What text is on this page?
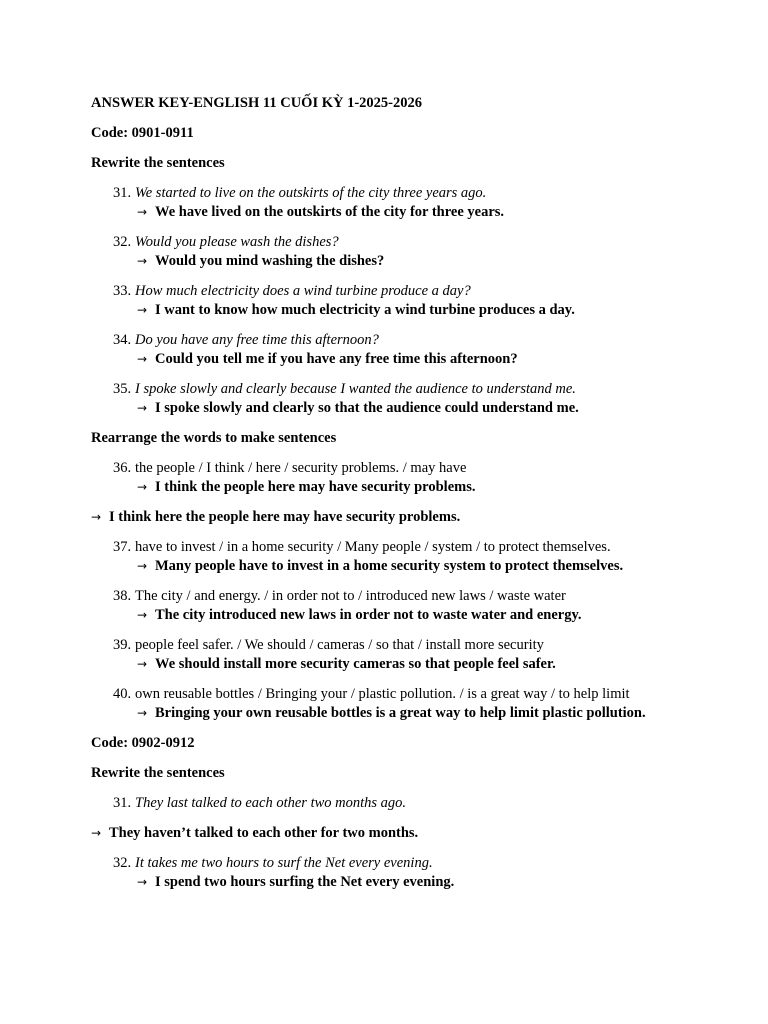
ANSWER KEY-ENGLISH 11 CUỐI KỲ 1-2025-2026
Code: 0901-0911
Rewrite the sentences
31. We started to live on the outskirts of the city three years ago.
→ We have lived on the outskirts of the city for three years.
32. Would you please wash the dishes?
→ Would you mind washing the dishes?
33. How much electricity does a wind turbine produce a day?
→ I want to know how much electricity a wind turbine produces a day.
34. Do you have any free time this afternoon?
→ Could you tell me if you have any free time this afternoon?
35. I spoke slowly and clearly because I wanted the audience to understand me.
→ I spoke slowly and clearly so that the audience could understand me.
Rearrange the words to make sentences
36. the people / I think / here / security problems. / may have
→ I think the people here may have security problems.
→ I think here the people here may have security problems.
37. have to invest / in a home security / Many people / system / to protect themselves.
→ Many people have to invest in a home security system to protect themselves.
38. The city / and energy. / in order not to / introduced new laws / waste water
→ The city introduced new laws in order not to waste water and energy.
39. people feel safer. / We should / cameras / so that / install more security
→ We should install more security cameras so that people feel safer.
40. own reusable bottles / Bringing your / plastic pollution. / is a great way / to help limit
→ Bringing your own reusable bottles is a great way to help limit plastic pollution.
Code: 0902-0912
Rewrite the sentences
31. They last talked to each other two months ago.
→ They haven’t talked to each other for two months.
32. It takes me two hours to surf the Net every evening.
→ I spend two hours surfing the Net every evening.
